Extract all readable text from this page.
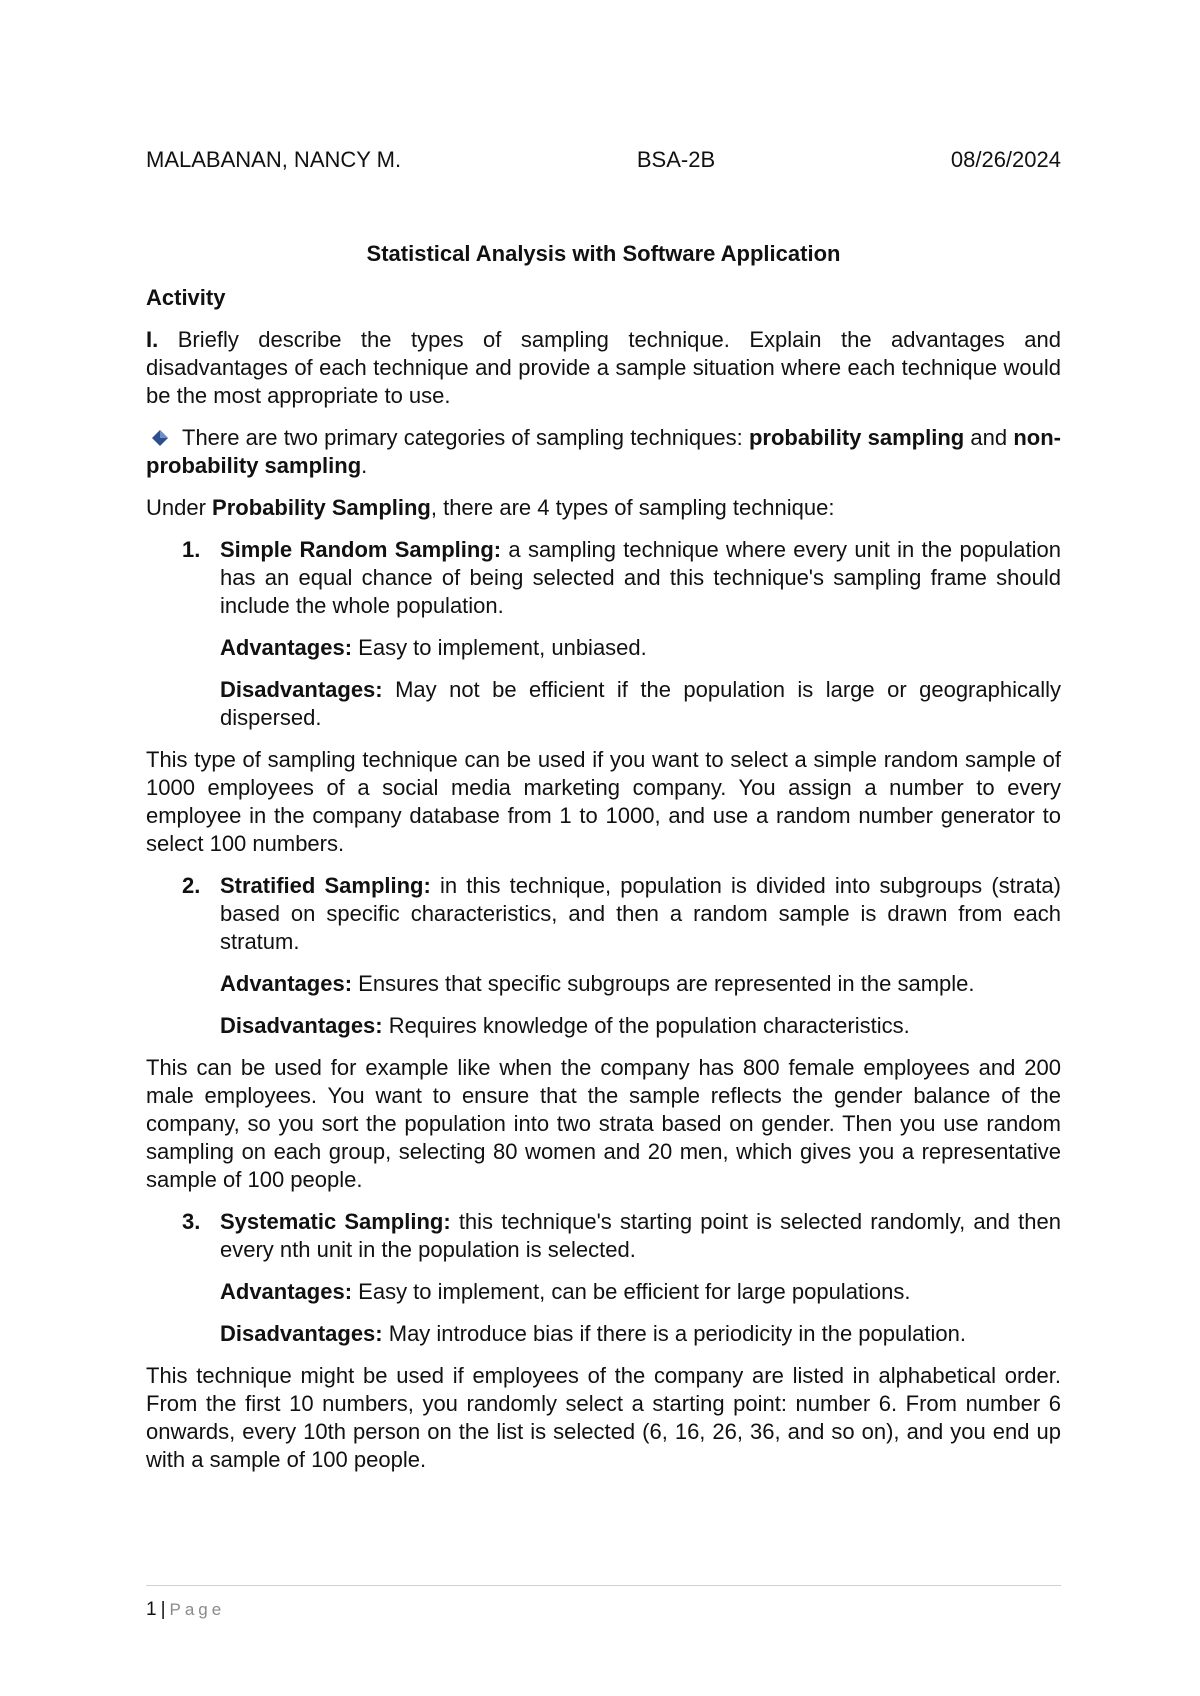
MALABANAN, NANCY M.	BSA-2B	08/26/2024
Statistical Analysis with Software Application
Activity

I. Briefly describe the types of sampling technique. Explain the advantages and disadvantages of each technique and provide a sample situation where each technique would be the most appropriate to use.

There are two primary categories of sampling techniques: probability sampling and non-probability sampling.

Under Probability Sampling, there are 4 types of sampling technique:

1. Simple Random Sampling: a sampling technique where every unit in the population has an equal chance of being selected and this technique's sampling frame should include the whole population.
Advantages: Easy to implement, unbiased.
Disadvantages: May not be efficient if the population is large or geographically dispersed.

This type of sampling technique can be used if you want to select a simple random sample of 1000 employees of a social media marketing company. You assign a number to every employee in the company database from 1 to 1000, and use a random number generator to select 100 numbers.

2. Stratified Sampling: in this technique, population is divided into subgroups (strata) based on specific characteristics, and then a random sample is drawn from each stratum.
Advantages: Ensures that specific subgroups are represented in the sample.
Disadvantages: Requires knowledge of the population characteristics.

This can be used for example like when the company has 800 female employees and 200 male employees. You want to ensure that the sample reflects the gender balance of the company, so you sort the population into two strata based on gender. Then you use random sampling on each group, selecting 80 women and 20 men, which gives you a representative sample of 100 people.

3. Systematic Sampling: this technique's starting point is selected randomly, and then every nth unit in the population is selected.
Advantages: Easy to implement, can be efficient for large populations.
Disadvantages: May introduce bias if there is a periodicity in the population.

This technique might be used if employees of the company are listed in alphabetical order. From the first 10 numbers, you randomly select a starting point: number 6. From number 6 onwards, every 10th person on the list is selected (6, 16, 26, 36, and so on), and you end up with a sample of 100 people.

1 | Page
